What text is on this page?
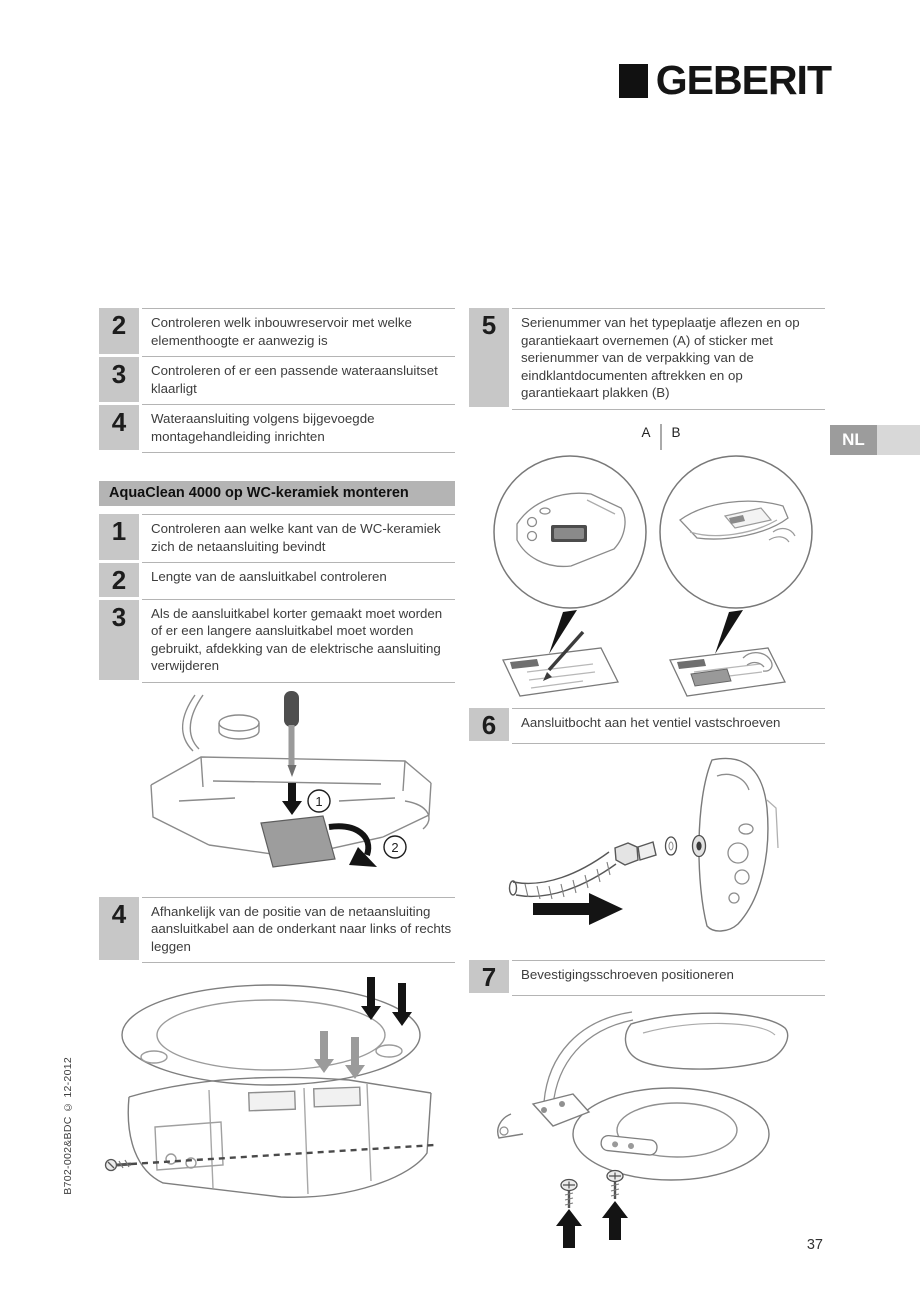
GEBERIT
NL
B702-002&BDC © 12-2012
37
2	Controleren welk inbouwreservoir met welke elementhoogte er aanwezig is
3	Controleren of er een passende wateraansluitset klaarligt
4	Wateraansluiting volgens bijgevoegde montagehandleiding inrichten
AquaClean 4000 op WC-keramiek monteren
1	Controleren aan welke kant van de WC-keramiek zich de netaansluiting bevindt
2	Lengte van de aansluitkabel controleren
3	Als de aansluitkabel korter gemaakt moet worden of er een langere aansluitkabel moet worden gebruikt, afdekking van de elektrische aansluiting verwijderen
1
2
4	Afhankelijk van de positie van de netaansluiting aansluitkabel aan de onderkant naar links of rechts leggen
5	Serienummer van het typeplaatje aflezen en op garantiekaart overnemen (A) of sticker met serienummer van de verpakking van de eindklantdocumenten aftrekken en op garantiekaart plakken (B)
A B
6	Aansluitbocht aan het ventiel vastschroeven
7	Bevestigingsschroeven positioneren
